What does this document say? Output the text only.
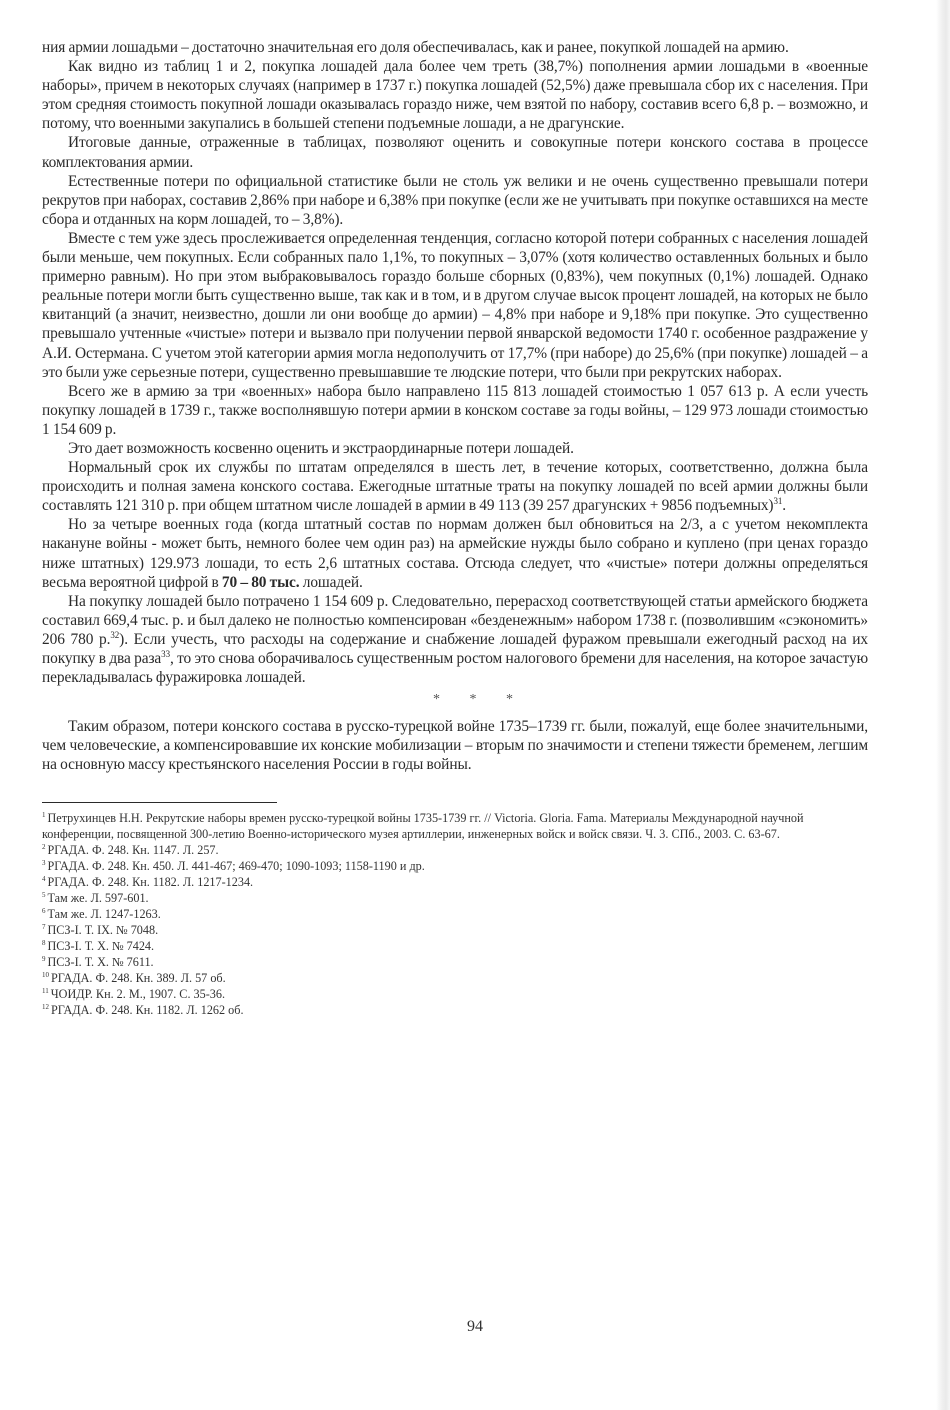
ния армии лошадьми – достаточно значительная его доля обеспечивалась, как и ранее, покупкой лошадей на армию.

Как видно из таблиц 1 и 2, покупка лошадей дала более чем треть (38,7%) пополнения армии лошадьми в «военные наборы», причем в некоторых случаях (например в 1737 г.) покупка лошадей (52,5%) даже превышала сбор их с населения. При этом средняя стоимость покупной лошади оказывалась гораздо ниже, чем взятой по набору, составив всего 6,8 р. – возможно, и потому, что военными закупались в большей степени подъемные лошади, а не драгунские.

Итоговые данные, отраженные в таблицах, позволяют оценить и совокупные потери конского состава в процессе комплектования армии.

Естественные потери по официальной статистике были не столь уж велики и не очень существенно превышали потери рекрутов при наборах, составив 2,86% при наборе и 6,38% при покупке (если же не учитывать при покупке оставшихся на месте сбора и отданных на корм лошадей, то – 3,8%).

Вместе с тем уже здесь прослеживается определенная тенденция, согласно которой потери собранных с населения лошадей были меньше, чем покупных. Если собранных пало 1,1%, то покупных – 3,07% (хотя количество оставленных больных и было примерно равным). Но при этом выбраковывалось гораздо больше сборных (0,83%), чем покупных (0,1%) лошадей. Однако реальные потери могли быть существенно выше, так как и в том, и в другом случае высок процент лошадей, на которых не было квитанций (а значит, неизвестно, дошли ли они вообще до армии) – 4,8% при наборе и 9,18% при покупке. Это существенно превышало учтенные «чистые» потери и вызвало при получении первой январской ведомости 1740 г. особенное раздражение у А.И. Остермана. С учетом этой категории армия могла недополучить от 17,7% (при наборе) до 25,6% (при покупке) лошадей – а это были уже серьезные потери, существенно превышавшие те людские потери, что были при рекрутских наборах.

Всего же в армию за три «военных» набора было направлено 115 813 лошадей стоимостью 1 057 613 р. А если учесть покупку лошадей в 1739 г., также восполнявшую потери армии в конском составе за годы войны, – 129 973 лошади стоимостью 1 154 609 р.

Это дает возможность косвенно оценить и экстраординарные потери лошадей.

Нормальный срок их службы по штатам определялся в шесть лет, в течение которых, соответственно, должна была происходить и полная замена конского состава. Ежегодные штатные траты на покупку лошадей по всей армии должны были составлять 121 310 р. при общем штатном числе лошадей в армии в 49 113 (39 257 драгунских + 9856 подъемных)$^{31}$.

Но за четыре военных года (когда штатный состав по нормам должен был обновиться на 2/3, а с учетом некомплекта накануне войны - может быть, немного более чем один раз) на армейские нужды было собрано и куплено (при ценах гораздо ниже штатных) 129.973 лошади, то есть 2,6 штатных состава. Отсюда следует, что «чистые» потери должны определяться весьма вероятной цифрой в 70 – 80 тыс. лошадей.

На покупку лошадей было потрачено 1 154 609 р. Следовательно, перерасход соответствующей статьи армейского бюджета составил 669,4 тыс. р. и был далеко не полностью компенсирован «безденежным» набором 1738 г. (позволившим «сэкономить» 206 780 р.$^{32}$). Если учесть, что расходы на содержание и снабжение лошадей фуражом превышали ежегодный расход на их покупку в два раза$^{33}$, то это снова оборачивалось существенным ростом налогового бремени для населения, на которое зачастую перекладывалась фуражировка лошадей.

* * *

Таким образом, потери конского состава в русско-турецкой войне 1735–1739 гг. были, пожалуй, еще более значительными, чем человеческие, а компенсировавшие их конские мобилизации – вторым по значимости и степени тяжести бременем, легшим на основную массу крестьянского населения России в годы войны.

$^1$ Петрухинцев Н.Н. Рекрутские наборы времен русско-турецкой войны 1735-1739 гг. // Victoria. Gloria. Fama. Материалы Международной научной конференции, посвященной 300-летию Военно-исторического музея артиллерии, инженерных войск и войск связи. Ч. 3. СПб., 2003. С. 63-67.

$^2$ РГАДА. Ф. 248. Кн. 1147. Л. 257.

$^3$ РГАДА. Ф. 248. Кн. 450. Л. 441-467; 469-470; 1090-1093; 1158-1190 и др.

$^4$ РГАДА. Ф. 248. Кн. 1182. Л. 1217-1234.

$^5$ Там же. Л. 597-601.

$^6$ Там же. Л. 1247-1263.

$^7$ ПСЗ-I. Т. IX. № 7048.

$^8$ ПСЗ-I. Т. X. № 7424.

$^9$ ПСЗ-I. Т. X. № 7611.

$^{10}$ РГАДА. Ф. 248. Кн. 389. Л. 57 об.

$^{11}$ ЧОИДР. Кн. 2. М., 1907. С. 35-36.

$^{12}$ РГАДА. Ф. 248. Кн. 1182. Л. 1262 об.

94
